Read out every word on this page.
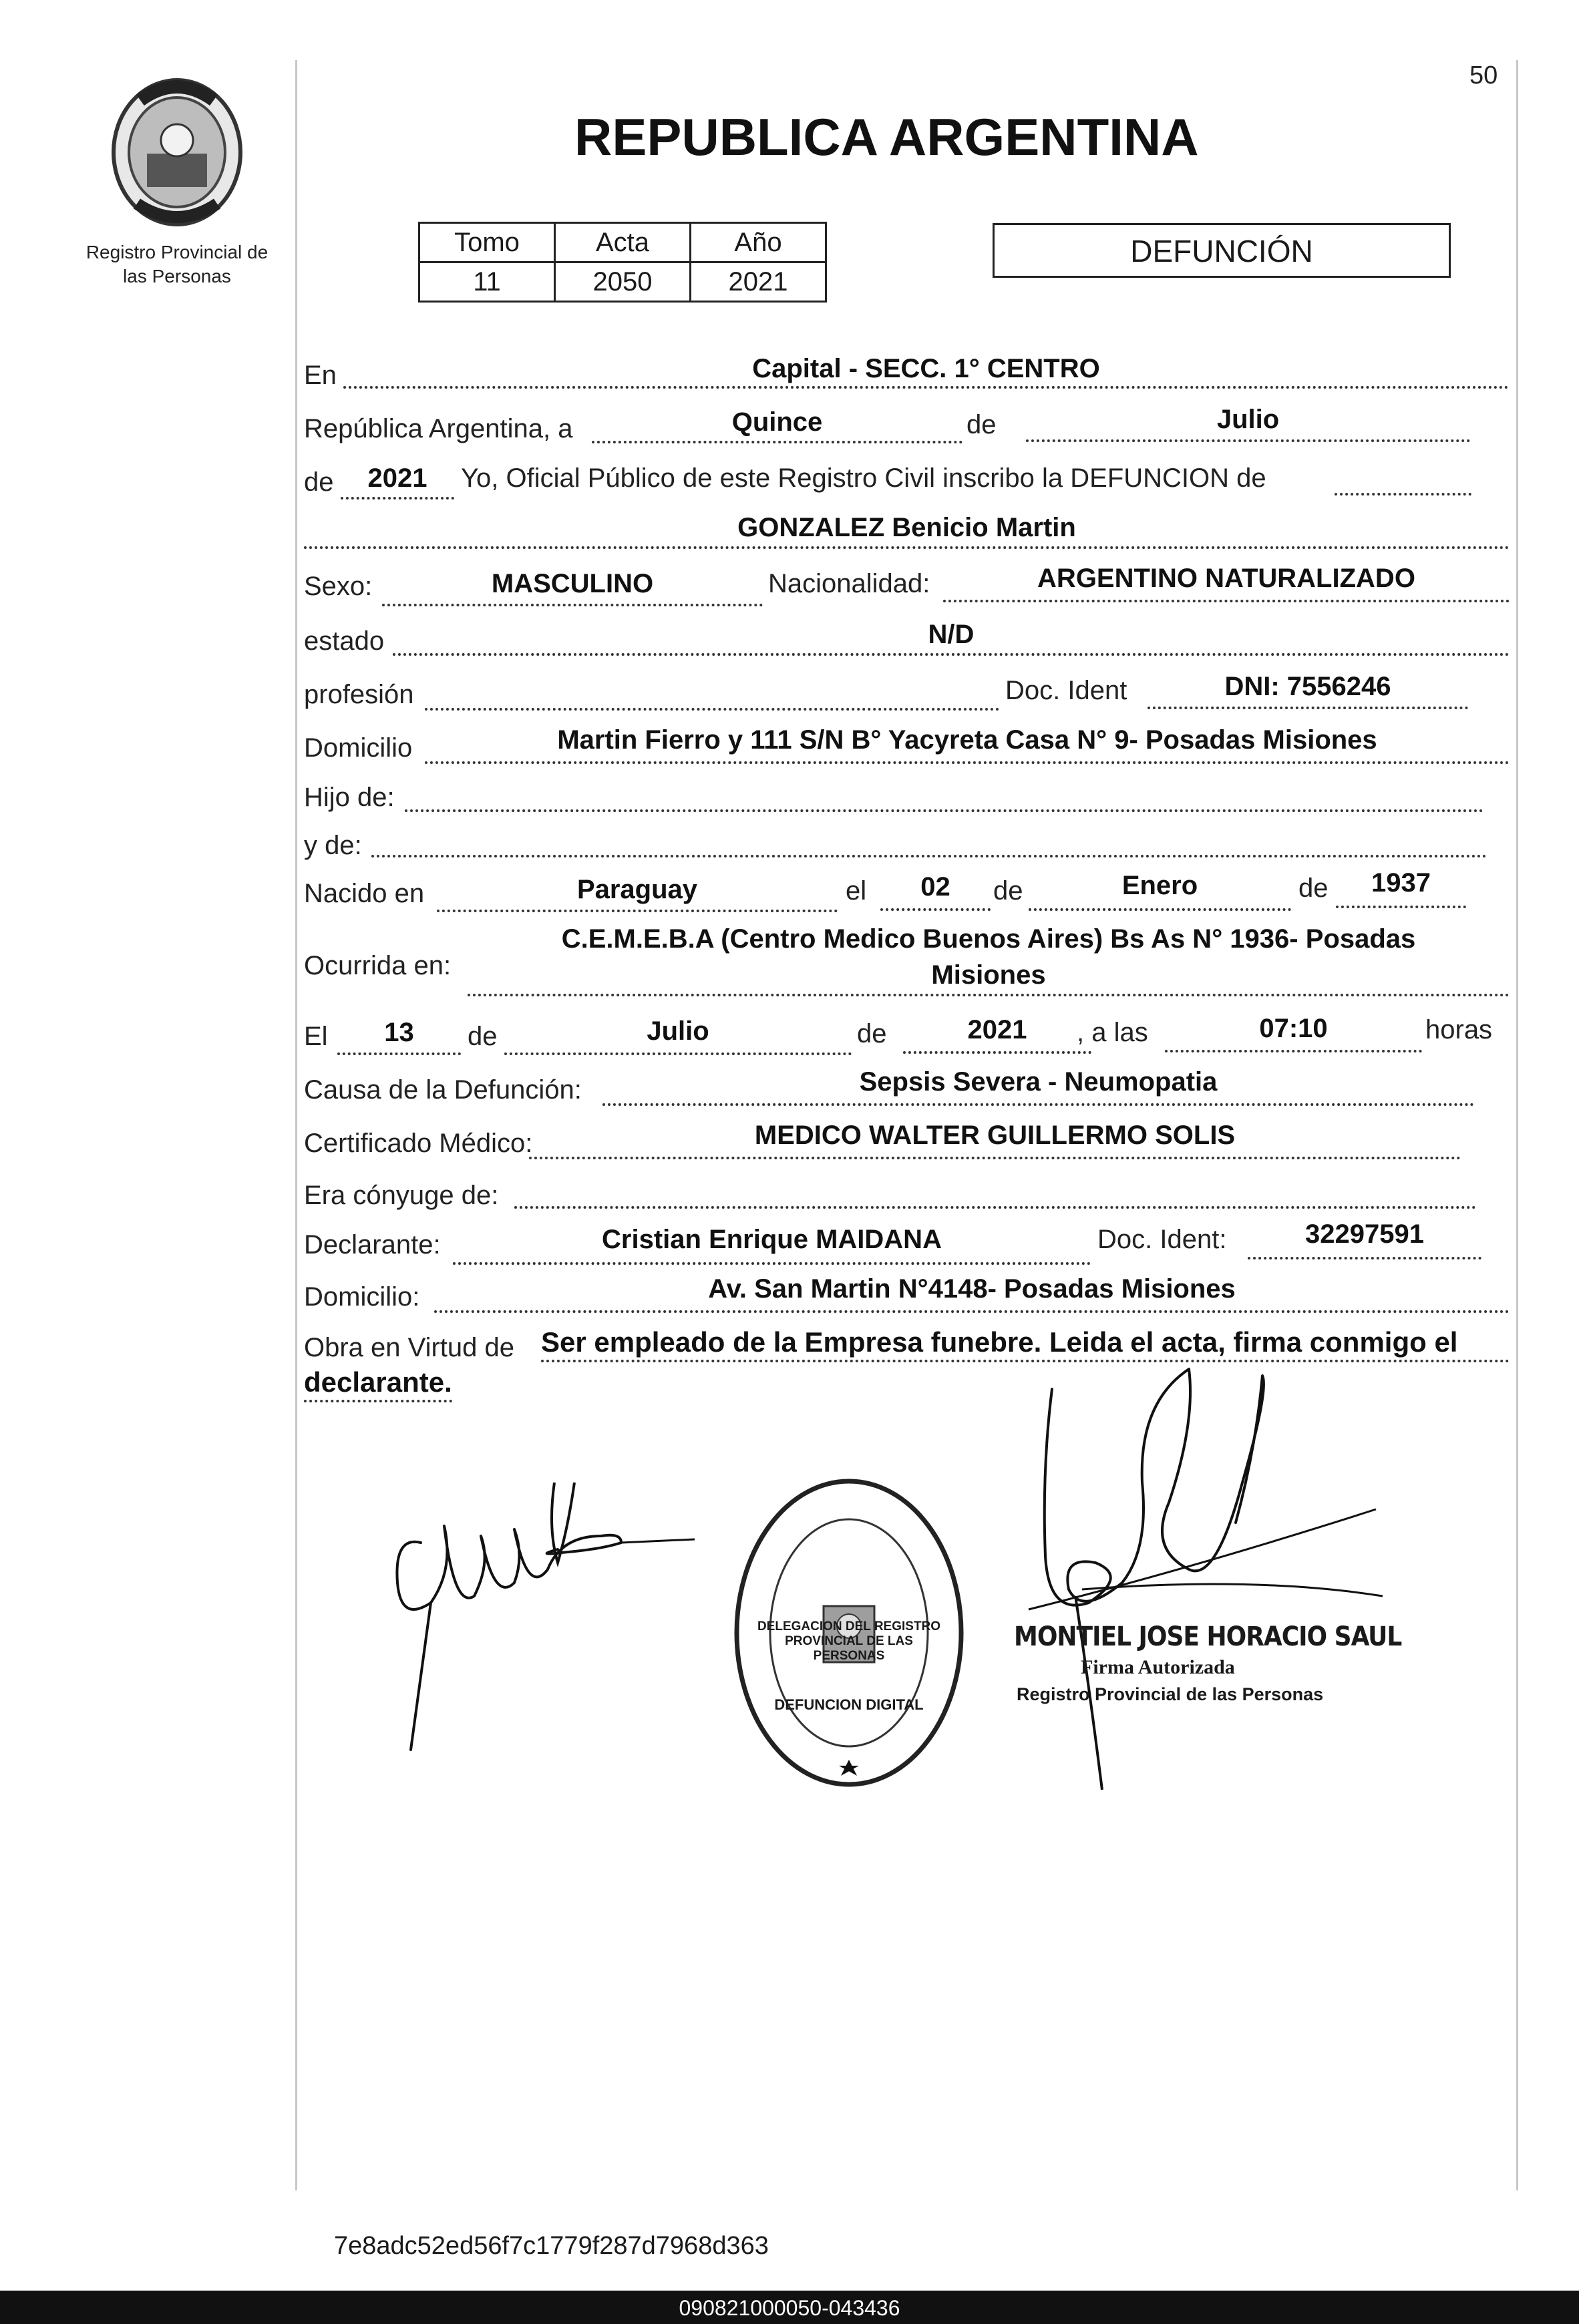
50
Registro Provincial de
las Personas
REPUBLICA ARGENTINA
Tomo	Acta	Año
11	2050	2021
DEFUNCIÓN
En	Capital - SECC. 1° CENTRO
República Argentina, a	Quince	de	Julio
de	2021	Yo, Oficial Público de este Registro Civil inscribo la DEFUNCION de
GONZALEZ Benicio Martin
Sexo:	MASCULINO	Nacionalidad:	ARGENTINO NATURALIZADO
estado	N/D
profesión	Doc. Ident	DNI: 7556246
Domicilio	Martin Fierro y 111 S/N B° Yacyreta Casa N° 9- Posadas Misiones
Hijo de:
y de:
Nacido en	Paraguay	el	02	de	Enero	de	1937
Ocurrida en:
C.E.M.E.B.A (Centro Medico Buenos Aires) Bs As N° 1936- Posadas
Misiones
El	13	de	Julio	de	2021	, a las	07:10	horas
Causa de la Defunción:	Sepsis Severa - Neumopatia
Certificado Médico:	MEDICO WALTER GUILLERMO SOLIS
Era cónyuge de:
Declarante:	Cristian Enrique MAIDANA	Doc. Ident:	32297591
Domicilio:	Av. San Martin N°4148- Posadas Misiones
Obra en Virtud de Ser empleado de la Empresa funebre. Leida el acta, firma conmigo el
declarante.
DELEGACION DEL REGISTRO PROVINCIAL DE LAS PERSONAS
DEFUNCION DIGITAL
MONTIEL JOSE HORACIO SAUL
Firma Autorizada
Registro Provincial de las Personas
7e8adc52ed56f7c1779f287d7968d363
090821000050-043436
